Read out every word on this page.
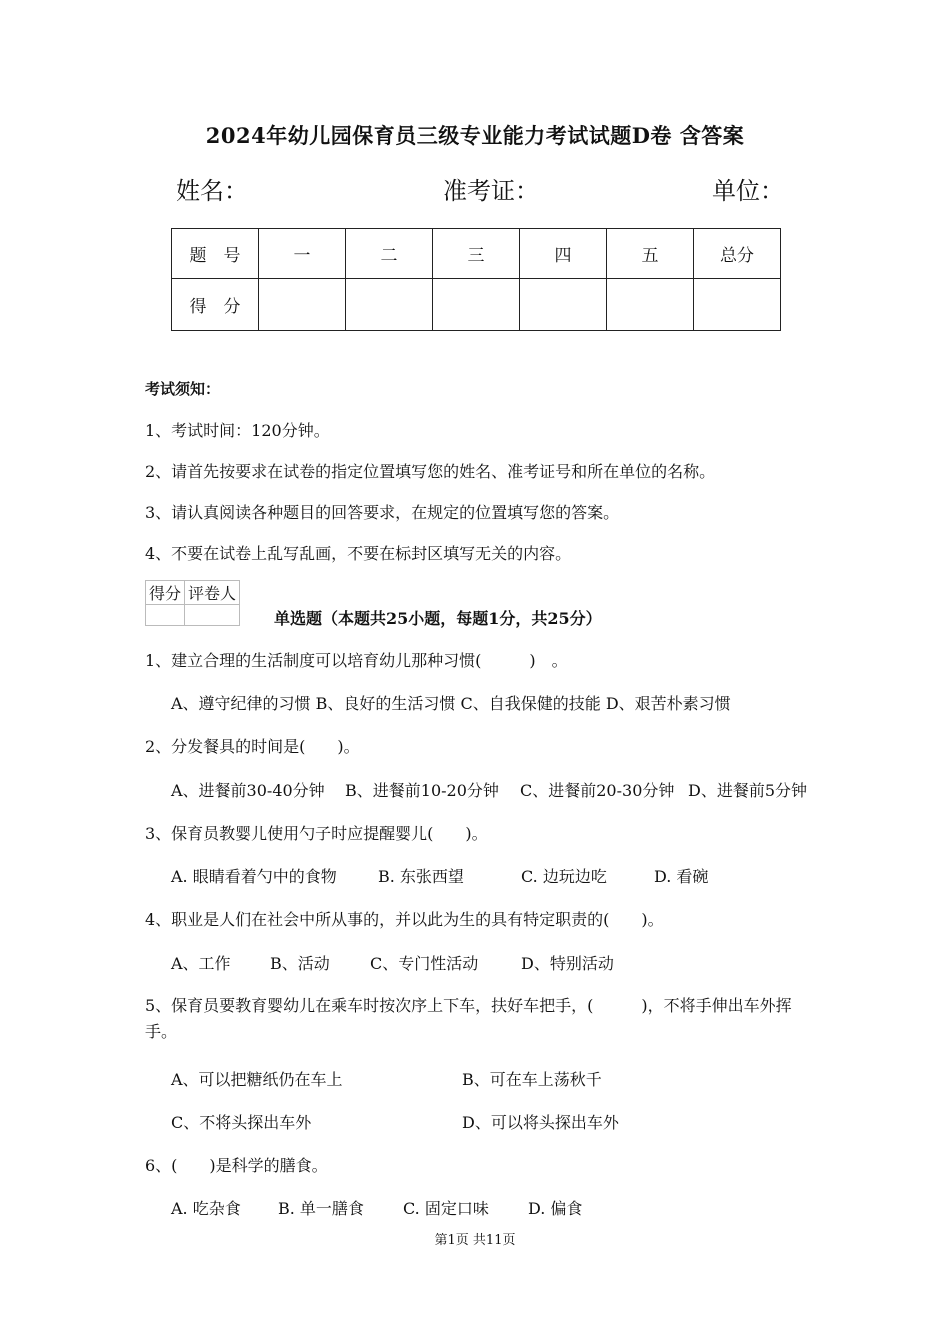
2024年幼儿园保育员三级专业能力考试试题D卷 含答案
姓名：	准考证：	单位：
题　号	一	二	三	四	五	总分
得　分						
考试须知：
1、考试时间：120分钟。
2、请首先按要求在试卷的指定位置填写您的姓名、准考证号和所在单位的名称。
3、请认真阅读各种题目的回答要求，在规定的位置填写您的答案。
4、不要在试卷上乱写乱画，不要在标封区填写无关的内容。
得分	评卷人

单选题（本题共25小题，每题1分，共25分）
1、建立合理的生活制度可以培育幼儿那种习惯(　　　)　。
A、遵守纪律的习惯 B、良好的生活习惯 C、自我保健的技能 D、艰苦朴素习惯
2、分发餐具的时间是(　　)。
A、进餐前30-40分钟 B、进餐前10-20分钟 C、进餐前20-30分钟 D、进餐前5分钟
3、保育员教婴儿使用勺子时应提醒婴儿(　　)。
A. 眼睛看着勺中的食物	B. 东张西望	C. 边玩边吃	D. 看碗
4、职业是人们在社会中所从事的，并以此为生的具有特定职责的(　　)。
A、工作 B、活动	C、专门性活动	D、特别活动
5、保育员要教育婴幼儿在乘车时按次序上下车，扶好车把手，(　　　)，不将手伸出车外挥手。
A、可以把糖纸仍在车上	B、可在车上荡秋千
C、不将头探出车外	D、可以将头探出车外
6、(　　)是科学的膳食。
A. 吃杂食 B. 单一膳食 C. 固定口味 D. 偏食
第1页 共11页
